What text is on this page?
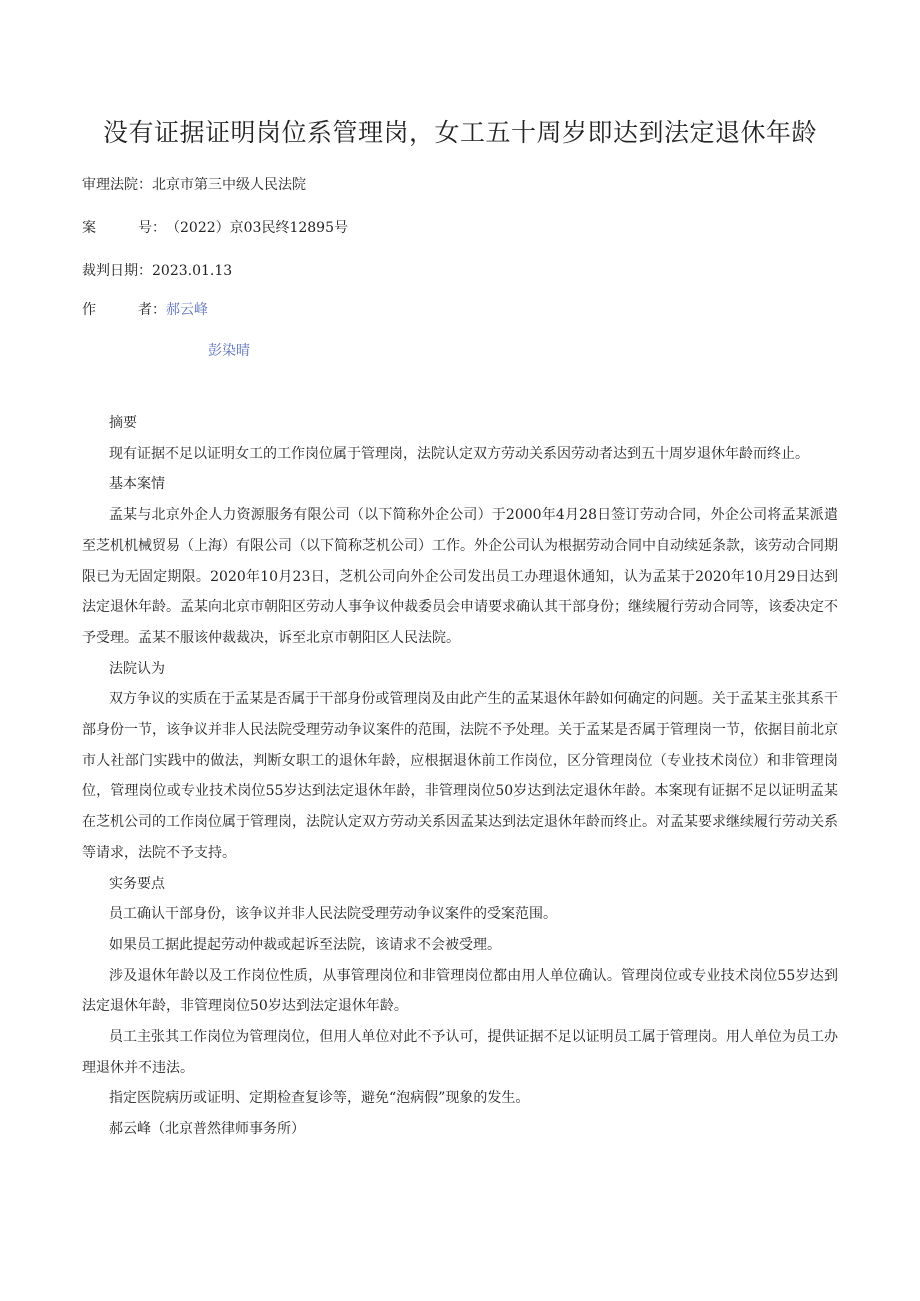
没有证据证明岗位系管理岗，女工五十周岁即达到法定退休年龄
审理法院：北京市第三中级人民法院
案	号： （2022）京03民终12895号
裁判日期：2023.01.13
作	者： 郝云峰
彭染晴
摘要

现有证据不足以证明女工的工作岗位属于管理岗，法院认定双方劳动关系因劳动者达到五十周岁退休年龄而终止。

基本案情

孟某与北京外企人力资源服务有限公司（以下简称外企公司）于2000年4月28日签订劳动合同，外企公司将孟某派遣至芝机机械贸易（上海）有限公司（以下简称芝机公司）工作。外企公司认为根据劳动合同中自动续延条款，该劳动合同期限已为无固定期限。2020年10月23日，芝机公司向外企公司发出员工办理退休通知，认为孟某于2020年10月29日达到法定退休年龄。孟某向北京市朝阳区劳动人事争议仲裁委员会申请要求确认其干部身份；继续履行劳动合同等，该委决定不予受理。孟某不服该仲裁裁决，诉至北京市朝阳区人民法院。

法院认为

双方争议的实质在于孟某是否属于干部身份或管理岗及由此产生的孟某退休年龄如何确定的问题。关于孟某主张其系干部身份一节，该争议并非人民法院受理劳动争议案件的范围，法院不予处理。关于孟某是否属于管理岗一节，依据目前北京市人社部门实践中的做法，判断女职工的退休年龄，应根据退休前工作岗位，区分管理岗位（专业技术岗位）和非管理岗位，管理岗位或专业技术岗位55岁达到法定退休年龄，非管理岗位50岁达到法定退休年龄。本案现有证据不足以证明孟某在芝机公司的工作岗位属于管理岗，法院认定双方劳动关系因孟某达到法定退休年龄而终止。对孟某要求继续履行劳动关系等请求，法院不予支持。

实务要点

员工确认干部身份，该争议并非人民法院受理劳动争议案件的受案范围。

如果员工据此提起劳动仲裁或起诉至法院，该请求不会被受理。

涉及退休年龄以及工作岗位性质，从事管理岗位和非管理岗位都由用人单位确认。管理岗位或专业技术岗位55岁达到法定退休年龄，非管理岗位50岁达到法定退休年龄。

员工主张其工作岗位为管理岗位，但用人单位对此不予认可，提供证据不足以证明员工属于管理岗。用人单位为员工办理退休并不违法。

指定医院病历或证明、定期检查复诊等，避免“泡病假”现象的发生。

郝云峰（北京普然律师事务所）
